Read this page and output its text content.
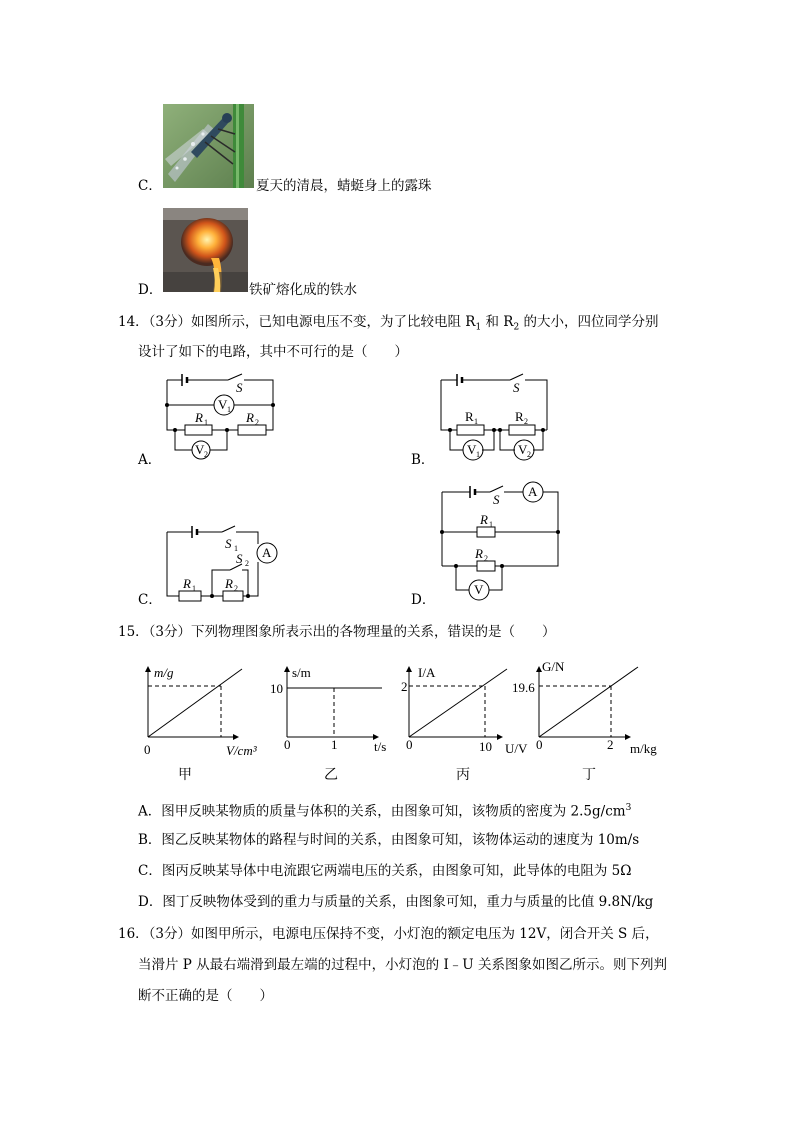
C．	夏天的清晨，蜻蜓身上的露珠
D．	铁矿熔化成的铁水
14．（3分）如图所示，已知电源电压不变，为了比较电阻 $R_1$ 和 $R_2$ 的大小，四位同学分别
设计了如下的电路，其中不可行的是（　　）
S
V 1
R 1	R 2
V 2
S
R 1	R 2
V 1	V 2
S 1
S 2
A
R 1 R 2
S
A
R 1
R 2
V
A．	B．
C．	D．
15．（3分）下列物理图象所表示出的各物理量的关系，错误的是（　　）
m/g
V/cm³
0
甲
s/m
10
0	1	t/s
乙
I/A
2
0	10 U/V
丙
G/N
19.6
0	2 m/kg
丁
A．图甲反映某物质的质量与体积的关系，由图象可知，该物质的密度为 $2.5g/cm^3$
B．图乙反映某物体的路程与时间的关系，由图象可知，该物体运动的速度为 10m/s
C．图丙反映某导体中电流跟它两端电压的关系，由图象可知，此导体的电阻为 5Ω
D．图丁反映物体受到的重力与质量的关系，由图象可知，重力与质量的比值 9.8N/kg
16．（3分）如图甲所示，电源电压保持不变，小灯泡的额定电压为 12V，闭合开关 S 后，
当滑片 P 从最右端滑到最左端的过程中，小灯泡的 I﹣U 关系图象如图乙所示。则下列判
断不正确的是（　　）
